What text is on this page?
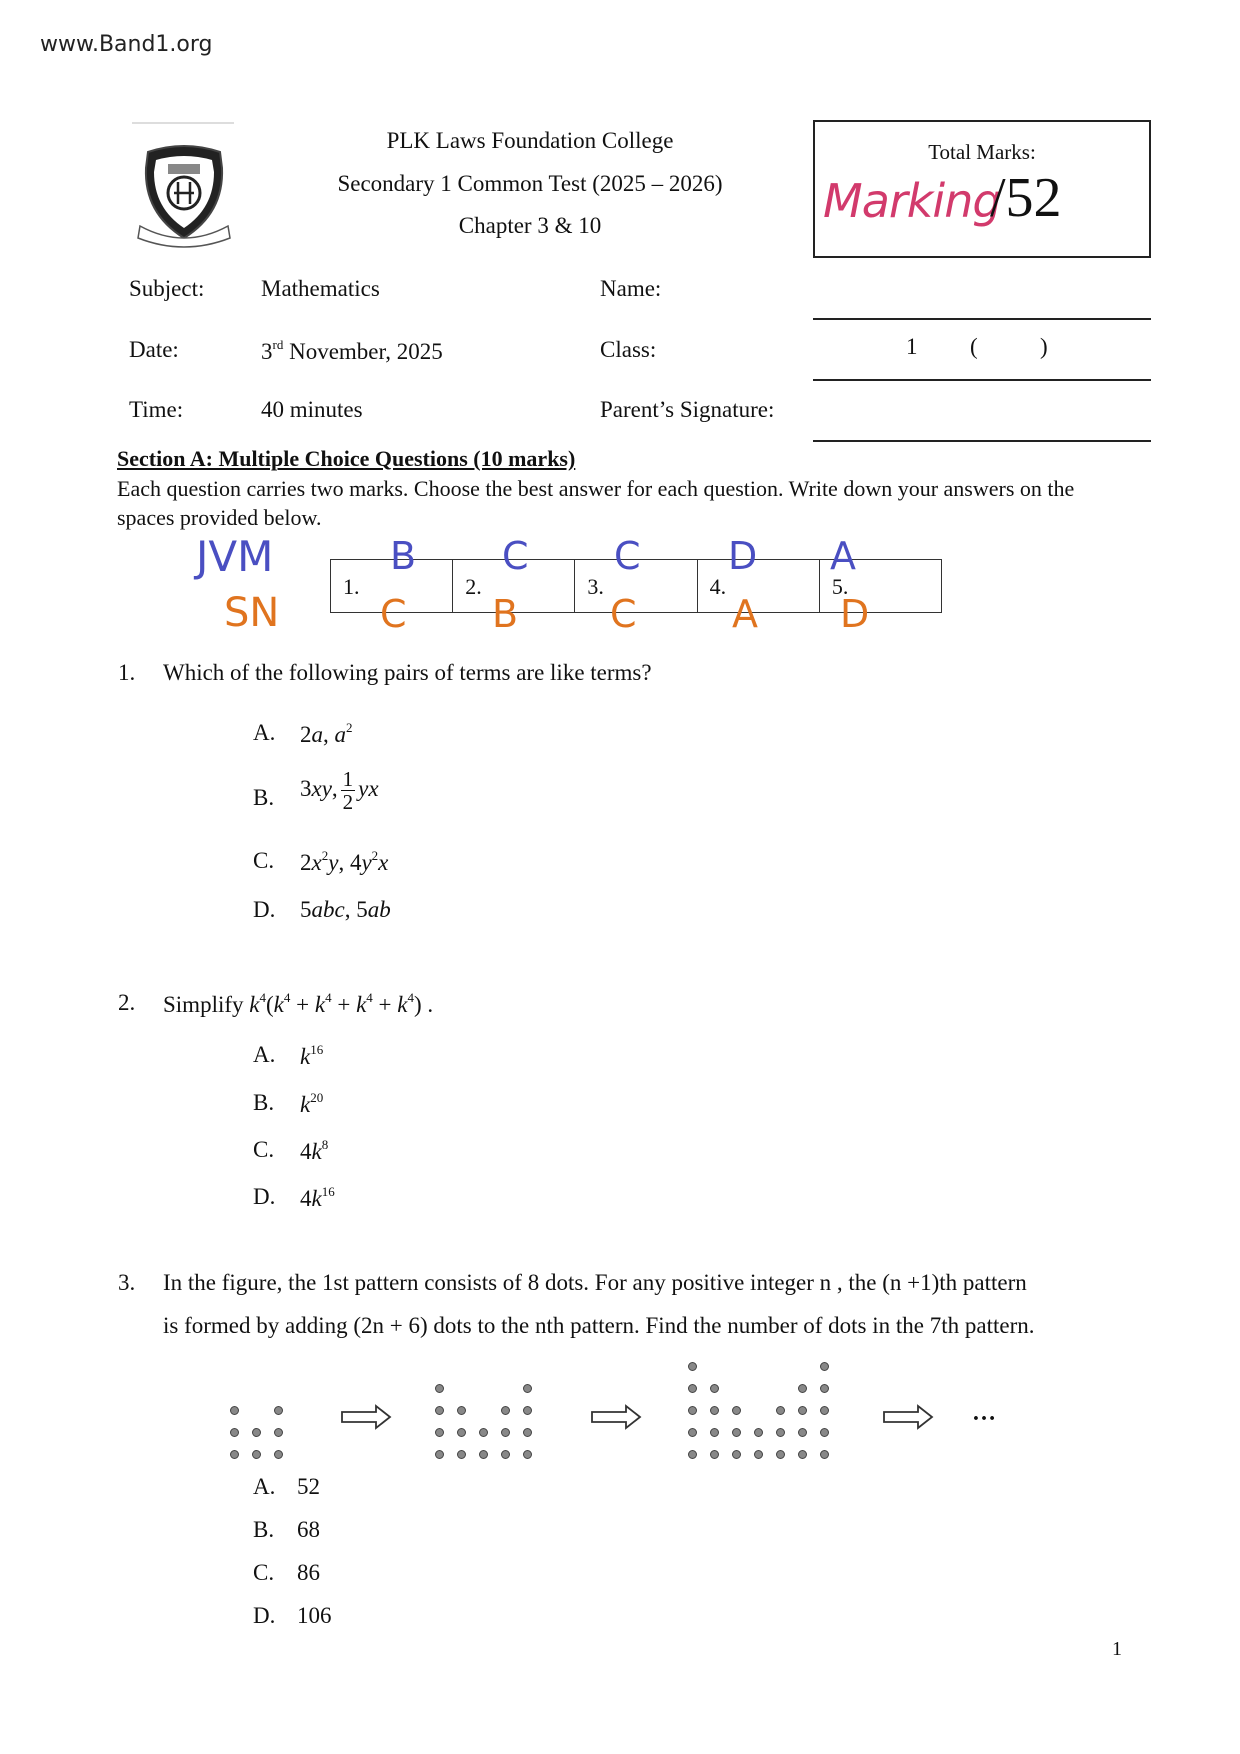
www.Band1.org
PLK Laws Foundation College
Secondary 1 Common Test (2025 – 2026)
Chapter 3 & 10
Total Marks:
Marking
/52
Subject: Mathematics	Name:
Date:	3rd November, 2025	Class:	1 (	)
Time:	40 minutes	Parent’s Signature:
Section A: Multiple Choice Questions (10 marks)
Each question carries two marks. Choose the best answer for each question. Write down your answers on the spaces provided below.
JVM
SN
1.	2.	3.	4.	5.
B C C D A
C B C	A D
1. Which of the following pairs of terms are like terms?
A. 2a, $a^2$
B. 3xy, $\frac{1}{2}$ yx
C. $2x^2y$, $4y^2x$
D. 5abc, 5ab
2. Simplify $k^4(k^4 + k^4 + k^4 + k^4)$ .
A. $k^{16}$
B. $k^{20}$
C. $4k^8$
D. $4k^{16}$
3. In the figure, the 1st pattern consists of 8 dots. For any positive integer n , the (n +1)th pattern
is formed by adding (2n + 6) dots to the nth pattern. Find the number of dots in the 7th pattern.
…
A. 52
B. 68
C. 86
D. 106
1
